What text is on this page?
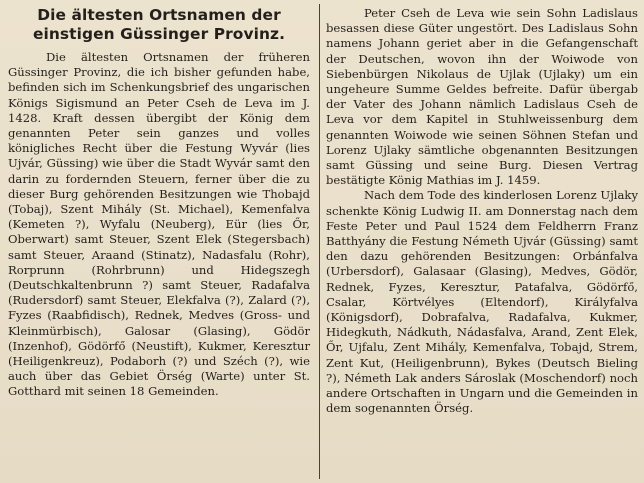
Die ältesten Ortsnamen der einstigen Güssinger Provinz.

Die ältesten Ortsnamen der früheren Güssinger Provinz, die ich bisher gefunden habe, befinden sich im Schenkungsbrief des ungarischen Königs Sigismund an Peter Cseh de Leva im J. 1428. Kraft dessen übergibt der König dem genannten Peter sein ganzes und volles königliches Recht über die Festung Wyvár (lies Ujvár, Güssing) wie über die Stadt Wyvár samt den darin zu fordernden Steuern, ferner über die zu dieser Burg gehörenden Besitzungen wie Thobajd (Tobaj), Szent Mihály (St. Michael), Kemenfalva (Kemeten ?), Wyfalu (Neuberg), Eür (lies Őr, Oberwart) samt Steuer, Szent Elek (Stegersbach) samt Steuer, Araand (Stinatz), Nadasfalu (Rohr), Rorprunn (Rohrbrunn) und Hidegszegh (Deutschkaltenbrunn ?) samt Steuer, Radafalva (Rudersdorf) samt Steuer, Elekfalva (?), Zalard (?), Fyzes (Raabfidisch), Rednek, Medves (Gross- und Kleinmürbisch), Galosar (Glasing), Gödör (Inzenhof), Gödörfő (Neustift), Kukmer, Keresztur (Heiligenkreuz), Podaborh (?) und Széch (?), wie auch über das Gebiet Örség (Warte) unter St. Gotthard mit seinen 18 Gemeinden.

Peter Cseh de Leva wie sein Sohn Ladislaus besassen diese Güter ungestört. Des Ladislaus Sohn namens Johann geriet aber in die Gefangenschaft der Deutschen, wovon ihn der Woiwode von Siebenbürgen Nikolaus de Ujlak (Ujlaky) um ein ungeheure Summe Geldes befreite. Dafür übergab der Vater des Johann nämlich Ladislaus Cseh de Leva vor dem Kapitel in Stuhlweissenburg dem genannten Woiwode wie seinen Söhnen Stefan und Lorenz Ujlaky sämtliche obgenannten Besitzungen samt Güssing und seine Burg. Diesen Vertrag bestätigte König Mathias im J. 1459.

Nach dem Tode des kinderlosen Lorenz Ujlaky schenkte König Ludwig II. am Donnerstag nach dem Feste Peter und Paul 1524 dem Feldherrn Franz Batthyány die Festung Németh Ujvár (Güssing) samt den dazu gehörenden Besitzungen: Orbánfalva (Urbersdorf), Galasaar (Glasing), Medves, Gödör, Rednek, Fyzes, Keresztur, Patafalva, Gödörfő, Csalar, Körtvélyes (Eltendorf), Királyfalva (Königsdorf), Dobrafalva, Radafalva, Kukmer, Hidegkuth, Nádkuth, Nádasfalva, Arand, Zent Elek, Őr, Ujfalu, Zent Mihály, Kemenfalva, Tobajd, Strem, Zent Kut, (Heiligenbrunn), Bykes (Deutsch Bieling ?), Németh Lak anders Sároslak (Moschendorf) noch andere Ortschaften in Ungarn und die Gemeinden in dem sogenannten Örség.
